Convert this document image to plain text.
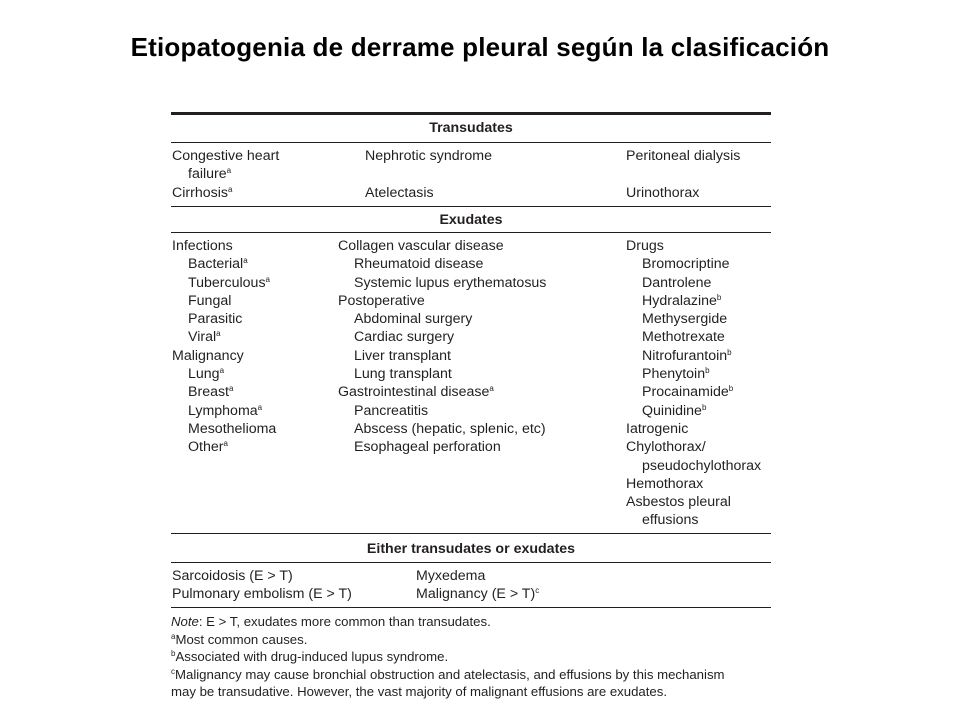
Etiopatogenia de derrame pleural según la clasificación
Transudates
Congestive heart
failure$^a$
Cirrhosis$^a$
Nephrotic syndrome

Atelectasis
Peritoneal dialysis

Urinothorax
Exudates
Infections
Bacterial$^a$
Tuberculous$^a$
Fungal
Parasitic
Viral$^a$
Malignancy
Lung$^a$
Breast$^a$
Lymphoma$^a$
Mesothelioma
Other$^a$
Collagen vascular disease
Rheumatoid disease
Systemic lupus erythematosus
Postoperative
Abdominal surgery
Cardiac surgery
Liver transplant
Lung transplant
Gastrointestinal disease$^a$
Pancreatitis
Abscess (hepatic, splenic, etc)
Esophageal perforation
Drugs
Bromocriptine
Dantrolene
Hydralazine$^b$
Methysergide
Methotrexate
Nitrofurantoin$^b$
Phenytoin$^b$
Procainamide$^b$
Quinidine$^b$
Iatrogenic
Chylothorax/
pseudochylothorax
Hemothorax
Asbestos pleural
effusions
Either transudates or exudates
Sarcoidosis (E > T)
Pulmonary embolism (E > T)
Myxedema
Malignancy (E > T)$^c$
Note: E > T, exudates more common than transudates.
$^a$Most common causes.
$^b$Associated with drug-induced lupus syndrome.
$^c$Malignancy may cause bronchial obstruction and atelectasis, and effusions by this mechanism
may be transudative. However, the vast majority of malignant effusions are exudates.
